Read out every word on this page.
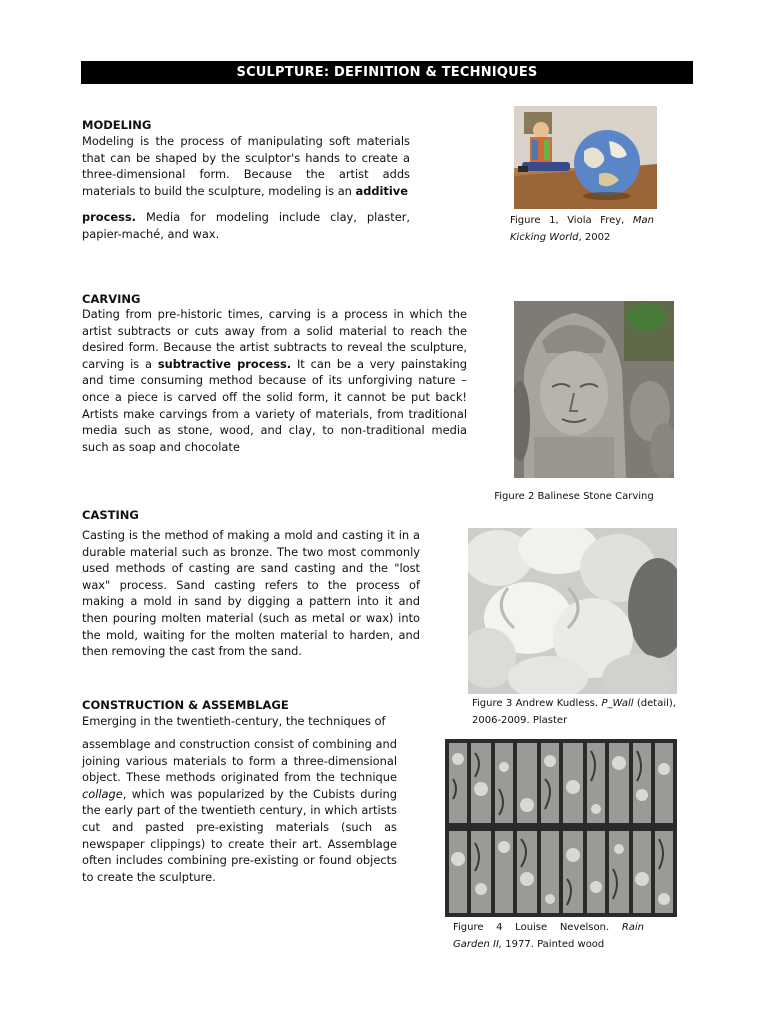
SCULPTURE: DEFINITION & TECHNIQUES
MODELING
Modeling is the process of manipulating soft materials that can be shaped by the sculptor's hands to create a three-dimensional form. Because the artist adds materials to build the sculpture, modeling is an additive
process. Media for modeling include clay, plaster, papier-maché, and wax.
Figure 1, Viola Frey, Man Kicking World, 2002
CARVING
Dating from pre-historic times, carving is a process in which the artist subtracts or cuts away from a solid material to reach the desired form. Because the artist subtracts to reveal the sculpture, carving is a subtractive process. It can be a very painstaking and time consuming method because of its unforgiving nature – once a piece is carved off the solid form, it cannot be put back! Artists make carvings from a variety of materials, from traditional media such as stone, wood, and clay, to non-traditional media such as soap and chocolate
Figure 2 Balinese Stone Carving
CASTING
Casting is the method of making a mold and casting it in a durable material such as bronze. The two most commonly used methods of casting are sand casting and the "lost wax" process. Sand casting refers to the process of making a mold in sand by digging a pattern into it and then pouring molten material (such as metal or wax) into the mold, waiting for the molten material to harden, and then removing the cast from the sand.
Figure 3 Andrew Kudless. P_Wall (detail), 2006-2009. Plaster
CONSTRUCTION & ASSEMBLAGE
Emerging in the twentieth-century, the techniques of
assemblage and construction consist of combining and joining various materials to form a three-dimensional object. These methods originated from the technique collage, which was popularized by the Cubists during the early part of the twentieth century, in which artists cut and pasted pre-existing materials (such as newspaper clippings) to create their art. Assemblage often includes combining pre-existing or found objects to create the sculpture.
Figure 4 Louise Nevelson. Rain Garden II, 1977. Painted wood
